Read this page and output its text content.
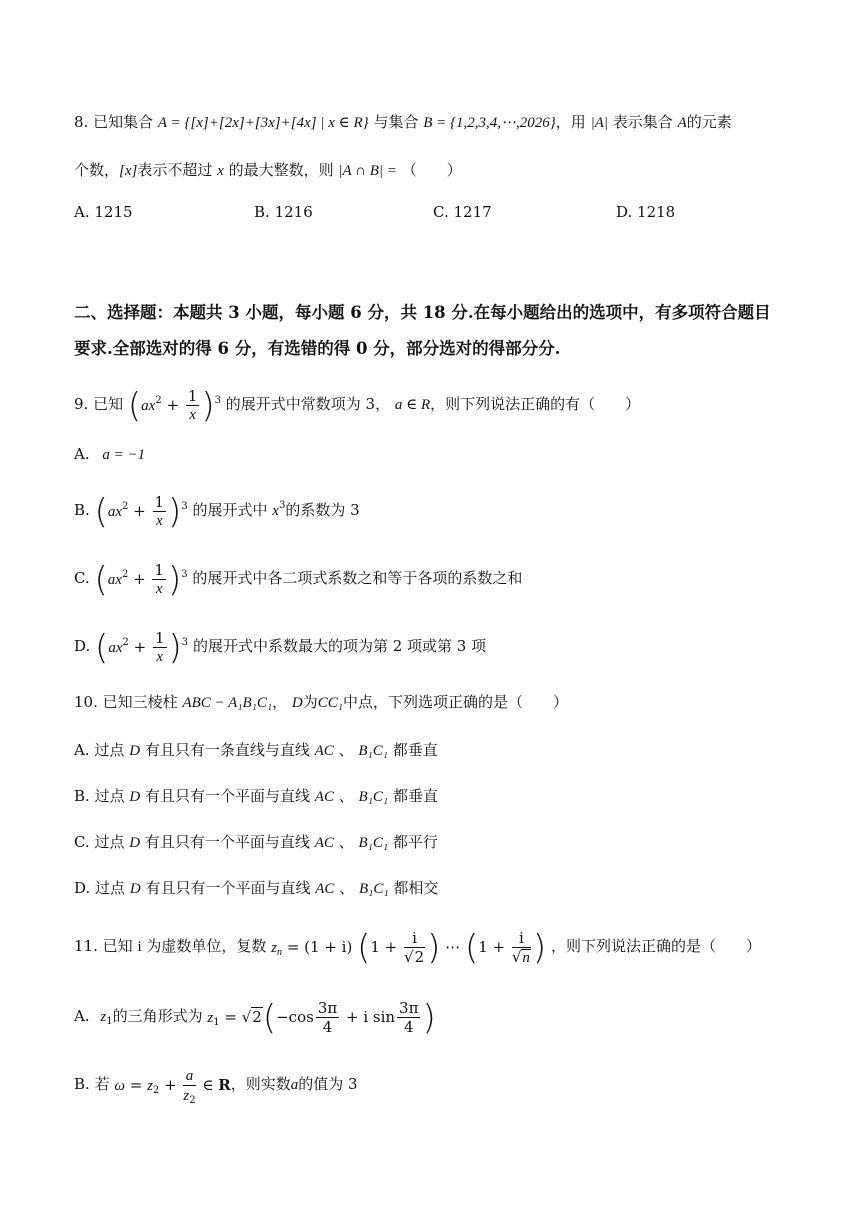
8. 已知集合 A = {[x]+[2x]+[3x]+[4x] | x ∈ R} 与集合 B = {1,2,3,4,⋯,2026}，用 |A| 表示集合 A的元素
个数，[x]表示不超过 x 的最大整数，则 |A ∩ B| = （　　）
A. 1215	B. 1216	C. 1217	D. 1218
二、选择题：本题共 3 小题，每小题 6 分，共 18 分.在每小题给出的选项中，有多项符合题目
要求.全部选对的得 6 分，有选错的得 0 分，部分选对的得部分分.
9. 已知 $(ax^2 + \frac{1}{x} )^3$ 的展开式中常数项为 3， a ∈ R，则下列说法正确的有（　　）
A. a = −1
B. $(ax^2 + \frac{1}{x} )^3$ 的展开式中 $x^3$的系数为 3
C. $(ax^2 + \frac{1}{x} )^3$ 的展开式中各二项式系数之和等于各项的系数之和
D. $(ax^2 + \frac{1}{x} )^3$ 的展开式中系数最大的项为第 2 项或第 3 项
10. 已知三棱柱 ABC − A₁B₁C₁， D为CC₁中点，下列选项正确的是（　　）
A. 过点 D 有且只有一条直线与直线 AC 、 B₁C₁ 都垂直
B. 过点 D 有且只有一个平面与直线 AC 、 B₁C₁ 都垂直
C. 过点 D 有且只有一个平面与直线 AC 、 B₁C₁ 都平行
D. 过点 D 有且只有一个平面与直线 AC 、 B₁C₁ 都相交
11. 已知 i 为虚数单位，复数 $z_n = (1 + i) (1 + \frac{i}{√2}$ ) ⋯ ($1 + \frac{i}{√n}$ ) ，则下列说法正确的是（　　）
A. $z_1$的三角形式为 $z_1 = √2(-\cos \frac{3\pi}{4} + i$ $\sin \frac{3\pi}{4}$ )
B. 若 $\omega = z_2 + \frac{a}{z_2}$ ∈ R，则实数a的值为 3
